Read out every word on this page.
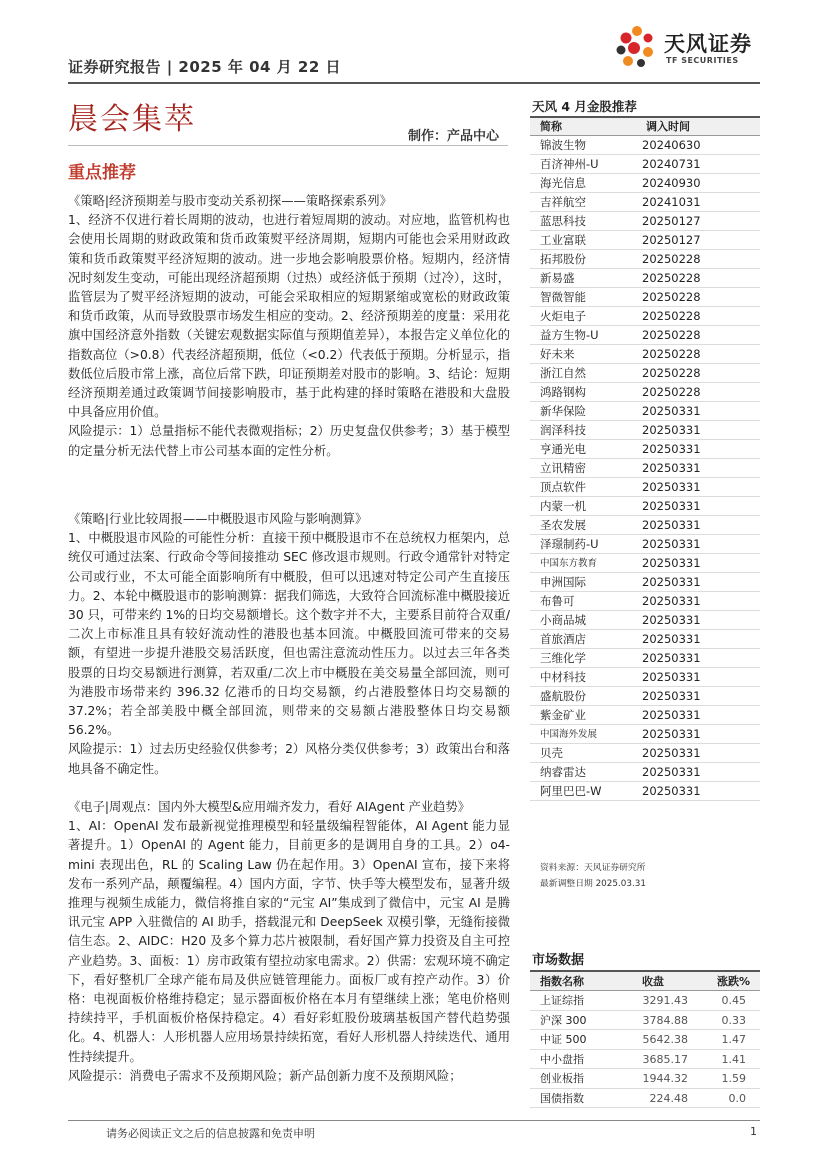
证券研究报告 | 2025 年 04 月 22 日
天风证券
TF SECURITIES
晨会集萃	制作：产品中心
重点推荐
《策略|经济预期差与股市变动关系初探——策略探索系列》
1、经济不仅进行着长周期的波动，也进行着短周期的波动。对应地，监管机构也会使用长周期的财政政策和货币政策熨平经济周期，短期内可能也会采用财政政策和货币政策熨平经济短期的波动。进一步地会影响股票价格。短期内，经济情况时刻发生变动，可能出现经济超预期（过热）或经济低于预期（过冷），这时，监管层为了熨平经济短期的波动，可能会采取相应的短期紧缩或宽松的财政政策和货币政策，从而导致股票市场发生相应的变动。2、经济预期差的度量：采用花旗中国经济意外指数（关键宏观数据实际值与预期值差异），本报告定义单位化的指数高位（>0.8）代表经济超预期，低位（<0.2）代表低于预期。分析显示，指数低位后股市常上涨，高位后常下跌，印证预期差对股市的影响。3、结论：短期经济预期差通过政策调节间接影响股市，基于此构建的择时策略在港股和大盘股中具备应用价值。
风险提示：1）总量指标不能代表微观指标；2）历史复盘仅供参考；3）基于模型的定量分析无法代替上市公司基本面的定性分析。
《策略|行业比较周报——中概股退市风险与影响测算》
1、中概股退市风险的可能性分析：直接干预中概股退市不在总统权力框架内，总统仅可通过法案、行政命令等间接推动 SEC 修改退市规则。行政令通常针对特定公司或行业，不太可能全面影响所有中概股，但可以迅速对特定公司产生直接压力。2、本轮中概股退市的影响测算：据我们筛选，大致符合回流标准中概股接近 30 只，可带来约 1%的日均交易额增长。这个数字并不大，主要系目前符合双重/二次上市标准且具有较好流动性的港股也基本回流。中概股回流可带来的交易额，有望进一步提升港股交易活跃度，但也需注意流动性压力。以过去三年各类股票的日均交易额进行测算，若双重/二次上市中概股在美交易量全部回流，则可为港股市场带来约 396.32 亿港币的日均交易额，约占港股整体日均交易额的 37.2%；若全部美股中概全部回流，则带来的交易额占港股整体日均交易额 56.2%。
风险提示：1）过去历史经验仅供参考；2）风格分类仅供参考；3）政策出台和落地具备不确定性。
《电子|周观点：国内外大模型&应用端齐发力，看好 AIAgent 产业趋势》
1、AI：OpenAI 发布最新视觉推理模型和轻量级编程智能体，AI Agent 能力显著提升。1）OpenAI 的 Agent 能力，目前更多的是调用自身的工具。2）o4-mini 表现出色，RL 的 Scaling Law 仍在起作用。3）OpenAI 宣布，接下来将发布一系列产品，颠覆编程。4）国内方面，字节、快手等大模型发布，显著升级推理与视频生成能力，微信将推自家的“元宝 AI”集成到了微信中，元宝 AI 是腾讯元宝 APP 入驻微信的 AI 助手，搭载混元和 DeepSeek 双模引擎，无缝衔接微信生态。2、AIDC：H20 及多个算力芯片被限制，看好国产算力投资及自主可控产业趋势。3、面板：1）房市政策有望拉动家电需求。2）供需：宏观环境不确定下，看好整机厂全球产能布局及供应链管理能力。面板厂或有控产动作。3）价格：电视面板价格维持稳定；显示器面板价格在本月有望继续上涨；笔电价格则持续持平，手机面板价格保持稳定。4）看好彩虹股份玻璃基板国产替代趋势强化。4、机器人：人形机器人应用场景持续拓宽，看好人形机器人持续迭代、通用性持续提升。
风险提示：消费电子需求不及预期风险；新产品创新力度不及预期风险；
天风 4 月金股推荐
简称	调入时间
锦波生物	20240630
百济神州-U	20240731
海光信息	20240930
吉祥航空	20241031
蓝思科技	20250127
工业富联	20250127
拓邦股份	20250228
新易盛	20250228
智微智能	20250228
火炬电子	20250228
益方生物-U	20250228
好未来	20250228
浙江自然	20250228
鸿路钢构	20250228
新华保险	20250331
润泽科技	20250331
亨通光电	20250331
立讯精密	20250331
顶点软件	20250331
内蒙一机	20250331
圣农发展	20250331
泽璟制药-U	20250331
中国东方教育	20250331
申洲国际	20250331
布鲁可	20250331
小商品城	20250331
首旅酒店	20250331
三维化学	20250331
中材科技	20250331
盛航股份	20250331
紫金矿业	20250331
中国海外发展	20250331
贝壳	20250331
纳睿雷达	20250331
阿里巴巴-W	20250331
资料来源：天风证券研究所
最新调整日期 2025.03.31
市场数据
指数名称	收盘	涨跌%
上证综指	3291.43	0.45
沪深 300	3784.88	0.33
中证 500	5642.38	1.47
中小盘指	3685.17	1.41
创业板指	1944.32	1.59
国债指数	224.48	0.0
请务必阅读正文之后的信息披露和免责申明	1
